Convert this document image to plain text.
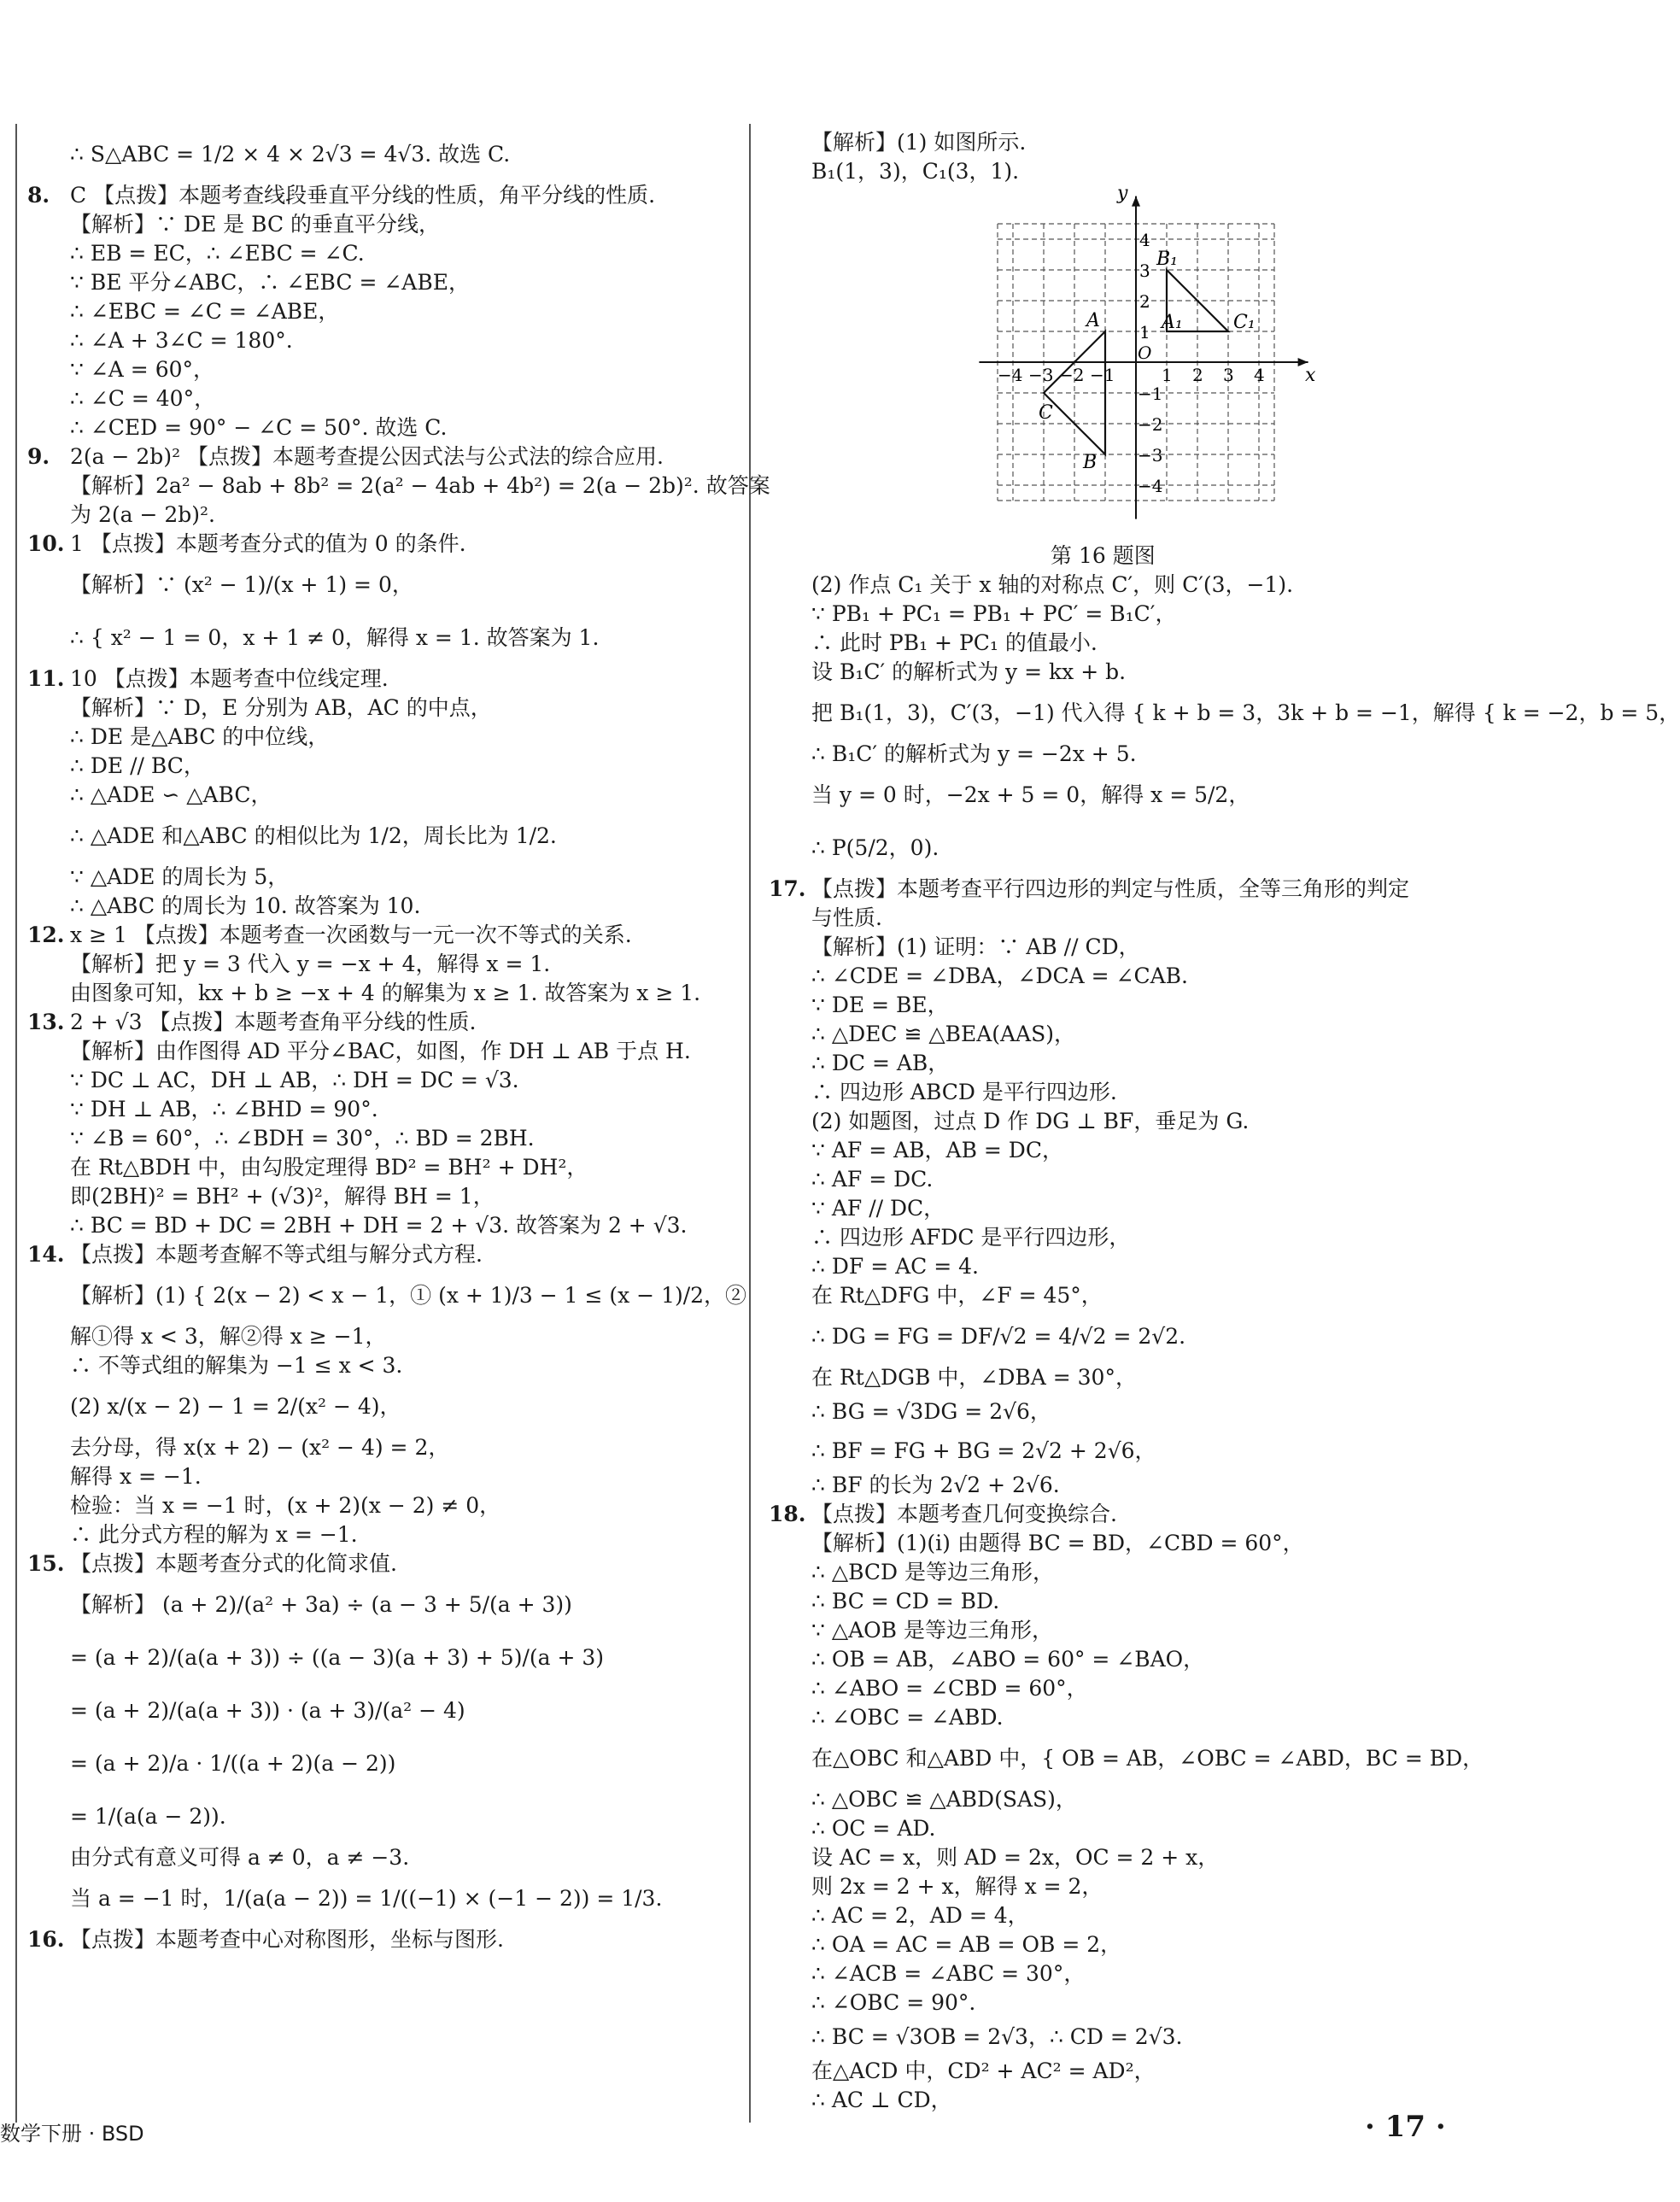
∴ S△ABC = 1/2 × 4 × 2√3 = 4√3. 故选 C.

8. C 【点拨】本题考查线段垂直平分线的性质，角平分线的性质.

【解析】∵ DE 是 BC 的垂直平分线，

∴ EB = EC，∴ ∠EBC = ∠C.

∵ BE 平分∠ABC，∴ ∠EBC = ∠ABE，

∴ ∠EBC = ∠C = ∠ABE，

∴ ∠A + 3∠C = 180°.

∵ ∠A = 60°，

∴ ∠C = 40°，

∴ ∠CED = 90° − ∠C = 50°. 故选 C.

9. 2(a − 2b)² 【点拨】本题考查提公因式法与公式法的综合应用.

【解析】2a² − 8ab + 8b² = 2(a² − 4ab + 4b²) = 2(a − 2b)². 故答案

为 2(a − 2b)².

10. 1 【点拨】本题考查分式的值为 0 的条件.

【解析】∵ (x² − 1)/(x + 1) = 0，

∴ { x² − 1 = 0，x + 1 ≠ 0，解得 x = 1. 故答案为 1.

11. 10 【点拨】本题考查中位线定理.

【解析】∵ D，E 分别为 AB，AC 的中点，

∴ DE 是△ABC 的中位线，

∴ DE // BC，

∴ △ADE ∽ △ABC，

∴ △ADE 和△ABC 的相似比为 1/2，周长比为 1/2.

∵ △ADE 的周长为 5，

∴ △ABC 的周长为 10. 故答案为 10.

12. x ≥ 1 【点拨】本题考查一次函数与一元一次不等式的关系.

【解析】把 y = 3 代入 y = −x + 4，解得 x = 1.

由图象可知，kx + b ≥ −x + 4 的解集为 x ≥ 1. 故答案为 x ≥ 1.

13. 2 + √3 【点拨】本题考查角平分线的性质.

【解析】由作图得 AD 平分∠BAC，如图，作 DH ⊥ AB 于点 H.

∵ DC ⊥ AC，DH ⊥ AB，∴ DH = DC = √3.

∵ DH ⊥ AB，∴ ∠BHD = 90°.

∵ ∠B = 60°，∴ ∠BDH = 30°，∴ BD = 2BH.

在 Rt△BDH 中，由勾股定理得 BD² = BH² + DH²，

即(2BH)² = BH² + (√3)²，解得 BH = 1，

∴ BC = BD + DC = 2BH + DH = 2 + √3. 故答案为 2 + √3.

14. 【点拨】本题考查解不等式组与解分式方程.

【解析】(1) { 2(x − 2) < x − 1，① (x + 1)/3 − 1 ≤ (x − 1)/2，②

解①得 x < 3，解②得 x ≥ −1，

∴ 不等式组的解集为 −1 ≤ x < 3.

(2) x/(x − 2) − 1 = 2/(x² − 4)，

去分母，得 x(x + 2) − (x² − 4) = 2，

解得 x = −1.

检验：当 x = −1 时，(x + 2)(x − 2) ≠ 0，

∴ 此分式方程的解为 x = −1.

15. 【点拨】本题考查分式的化简求值.

【解析】 (a + 2)/(a² + 3a) ÷ (a − 3 + 5/(a + 3))

= (a + 2)/(a(a + 3)) ÷ ((a − 3)(a + 3) + 5)/(a + 3)

= (a + 2)/(a(a + 3)) · (a + 3)/(a² − 4)

= (a + 2)/a · 1/((a + 2)(a − 2))

= 1/(a(a − 2)).

由分式有意义可得 a ≠ 0，a ≠ −3.

当 a = −1 时，1/(a(a − 2)) = 1/((−1) × (−1 − 2)) = 1/3.

16. 【点拨】本题考查中心对称图形，坐标与图形.

【解析】(1) 如图所示.

B₁(1，3)，C₁(3，1).

x
y
O
−4 −3 −2 −1	1 2 3 4
4
3
2
1
−1
−2
−3
−4
A
B
C
A₁
B₁
C₁
第 16 题图

(2) 作点 C₁ 关于 x 轴的对称点 C′，则 C′(3，−1).

∵ PB₁ + PC₁ = PB₁ + PC′ = B₁C′，

∴ 此时 PB₁ + PC₁ 的值最小.

设 B₁C′ 的解析式为 y = kx + b.

把 B₁(1，3)，C′(3，−1) 代入得 { k + b = 3，3k + b = −1，解得 { k = −2，b = 5，

∴ B₁C′ 的解析式为 y = −2x + 5.

当 y = 0 时，−2x + 5 = 0，解得 x = 5/2，

∴ P(5/2，0).

17. 【点拨】本题考查平行四边形的判定与性质，全等三角形的判定

与性质.

【解析】(1) 证明：∵ AB // CD，

∴ ∠CDE = ∠DBA，∠DCA = ∠CAB.

∵ DE = BE，

∴ △DEC ≌ △BEA(AAS)，

∴ DC = AB，

∴ 四边形 ABCD 是平行四边形.

(2) 如题图，过点 D 作 DG ⊥ BF，垂足为 G.

∵ AF = AB，AB = DC，

∴ AF = DC.

∵ AF // DC，

∴ 四边形 AFDC 是平行四边形，

∴ DF = AC = 4.

在 Rt△DFG 中，∠F = 45°，

∴ DG = FG = DF/√2 = 4/√2 = 2√2.

在 Rt△DGB 中，∠DBA = 30°，

∴ BG = √3DG = 2√6，

∴ BF = FG + BG = 2√2 + 2√6，

∴ BF 的长为 2√2 + 2√6.

18. 【点拨】本题考查几何变换综合.

【解析】(1)(ⅰ) 由题得 BC = BD，∠CBD = 60°，

∴ △BCD 是等边三角形，

∴ BC = CD = BD.

∵ △AOB 是等边三角形，

∴ OB = AB，∠ABO = 60° = ∠BAO，

∴ ∠ABO = ∠CBD = 60°，

∴ ∠OBC = ∠ABD.

在△OBC 和△ABD 中，{ OB = AB，∠OBC = ∠ABD，BC = BD，

∴ △OBC ≌ △ABD(SAS)，

∴ OC = AD.

设 AC = x，则 AD = 2x，OC = 2 + x，

则 2x = 2 + x，解得 x = 2，

∴ AC = 2，AD = 4，

∴ OA = AC = AB = OB = 2，

∴ ∠ACB = ∠ABC = 30°，

∴ ∠OBC = 90°.

∴ BC = √3OB = 2√3，∴ CD = 2√3.

在△ACD 中，CD² + AC² = AD²，

∴ AC ⊥ CD，

数学下册 · BSD	· 17 ·
